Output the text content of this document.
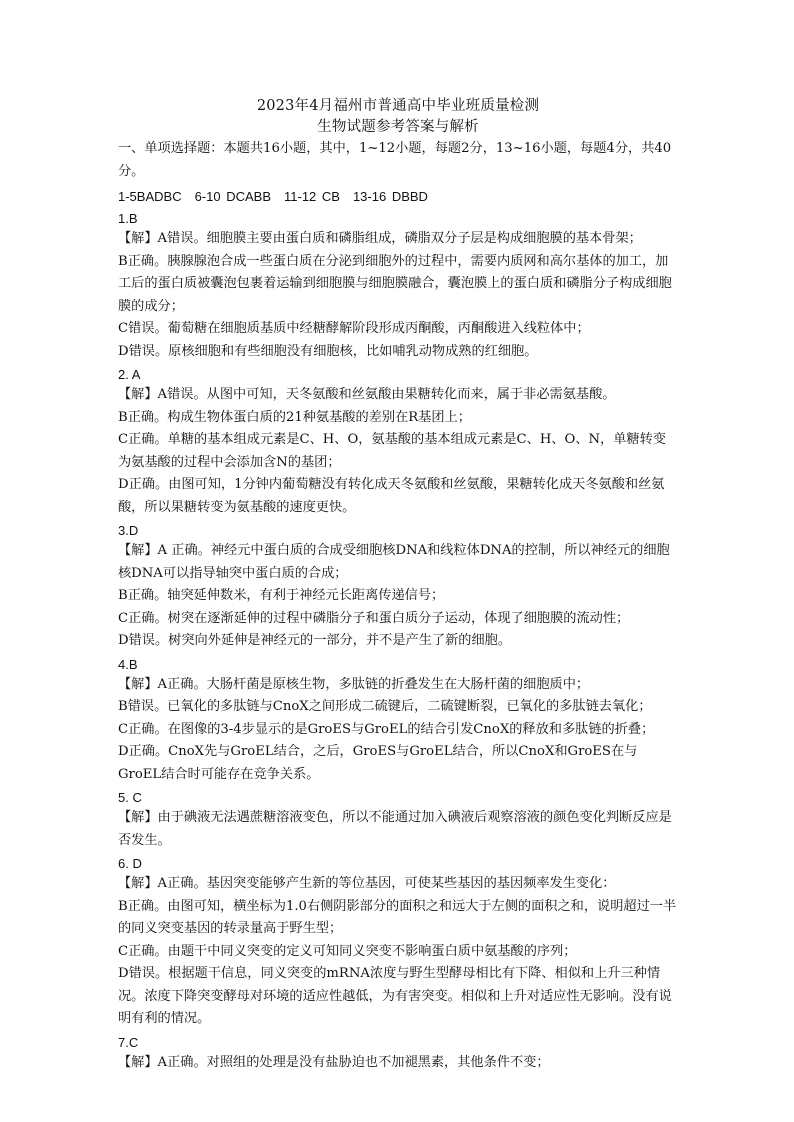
2023年4月福州市普通高中毕业班质量检测

生物试题参考答案与解析

一、单项选择题：本题共16小题，其中，1~12小题，每题2分，13~16小题，每题4分，共40分。

1-5BADBC　6-10 DCABB　11-12 CB　13-16 DBBD

1.B

【解】A错误。细胞膜主要由蛋白质和磷脂组成，磷脂双分子层是构成细胞膜的基本骨架；

B正确。胰腺腺泡合成一些蛋白质在分泌到细胞外的过程中，需要内质网和高尔基体的加工，加工后的蛋白质被囊泡包裹着运输到细胞膜与细胞膜融合，囊泡膜上的蛋白质和磷脂分子构成细胞膜的成分；

C错误。葡萄糖在细胞质基质中经糖酵解阶段形成丙酮酸，丙酮酸进入线粒体中；

D错误。原核细胞和有些细胞没有细胞核，比如哺乳动物成熟的红细胞。

2. A

【解】A错误。从图中可知，天冬氨酸和丝氨酸由果糖转化而来，属于非必需氨基酸。

B正确。构成生物体蛋白质的21种氨基酸的差别在R基团上；

C正确。单糖的基本组成元素是C、H、O，氨基酸的基本组成元素是C、H、O、N，单糖转变为氨基酸的过程中会添加含N的基团；

D正确。由图可知，1分钟内葡萄糖没有转化成天冬氨酸和丝氨酸，果糖转化成天冬氨酸和丝氨酸，所以果糖转变为氨基酸的速度更快。

3.D

【解】A 正确。神经元中蛋白质的合成受细胞核DNA和线粒体DNA的控制，所以神经元的细胞核DNA可以指导轴突中蛋白质的合成；

B正确。轴突延伸数米，有利于神经元长距离传递信号；

C正确。树突在逐渐延伸的过程中磷脂分子和蛋白质分子运动，体现了细胞膜的流动性；

D错误。树突向外延伸是神经元的一部分，并不是产生了新的细胞。

4.B

【解】A正确。大肠杆菌是原核生物，多肽链的折叠发生在大肠杆菌的细胞质中；

B错误。已氧化的多肽链与CnoX之间形成二硫键后，二硫键断裂，已氧化的多肽链去氧化；

C正确。在图像的3-4步显示的是GroES与GroEL的结合引发CnoX的释放和多肽链的折叠；

D正确。CnoX先与GroEL结合，之后，GroES与GroEL结合，所以CnoX和GroES在与GroEL结合时可能存在竞争关系。

5. C

【解】由于碘液无法遇蔗糖溶液变色，所以不能通过加入碘液后观察溶液的颜色变化判断反应是否发生。

6. D

【解】A正确。基因突变能够产生新的等位基因，可使某些基因的基因频率发生变化：

B正确。由图可知，横坐标为1.0右侧阴影部分的面积之和远大于左侧的面积之和，说明超过一半的同义突变基因的转录量高于野生型；

C正确。由题干中同义突变的定义可知同义突变不影响蛋白质中氨基酸的序列；

D错误。根据题干信息，同义突变的mRNA浓度与野生型酵母相比有下降、相似和上升三种情况。浓度下降突变酵母对环境的适应性越低，为有害突变。相似和上升对适应性无影响。没有说明有利的情况。

7.C

【解】A正确。对照组的处理是没有盐胁迫也不加褪黑素，其他条件不变；
